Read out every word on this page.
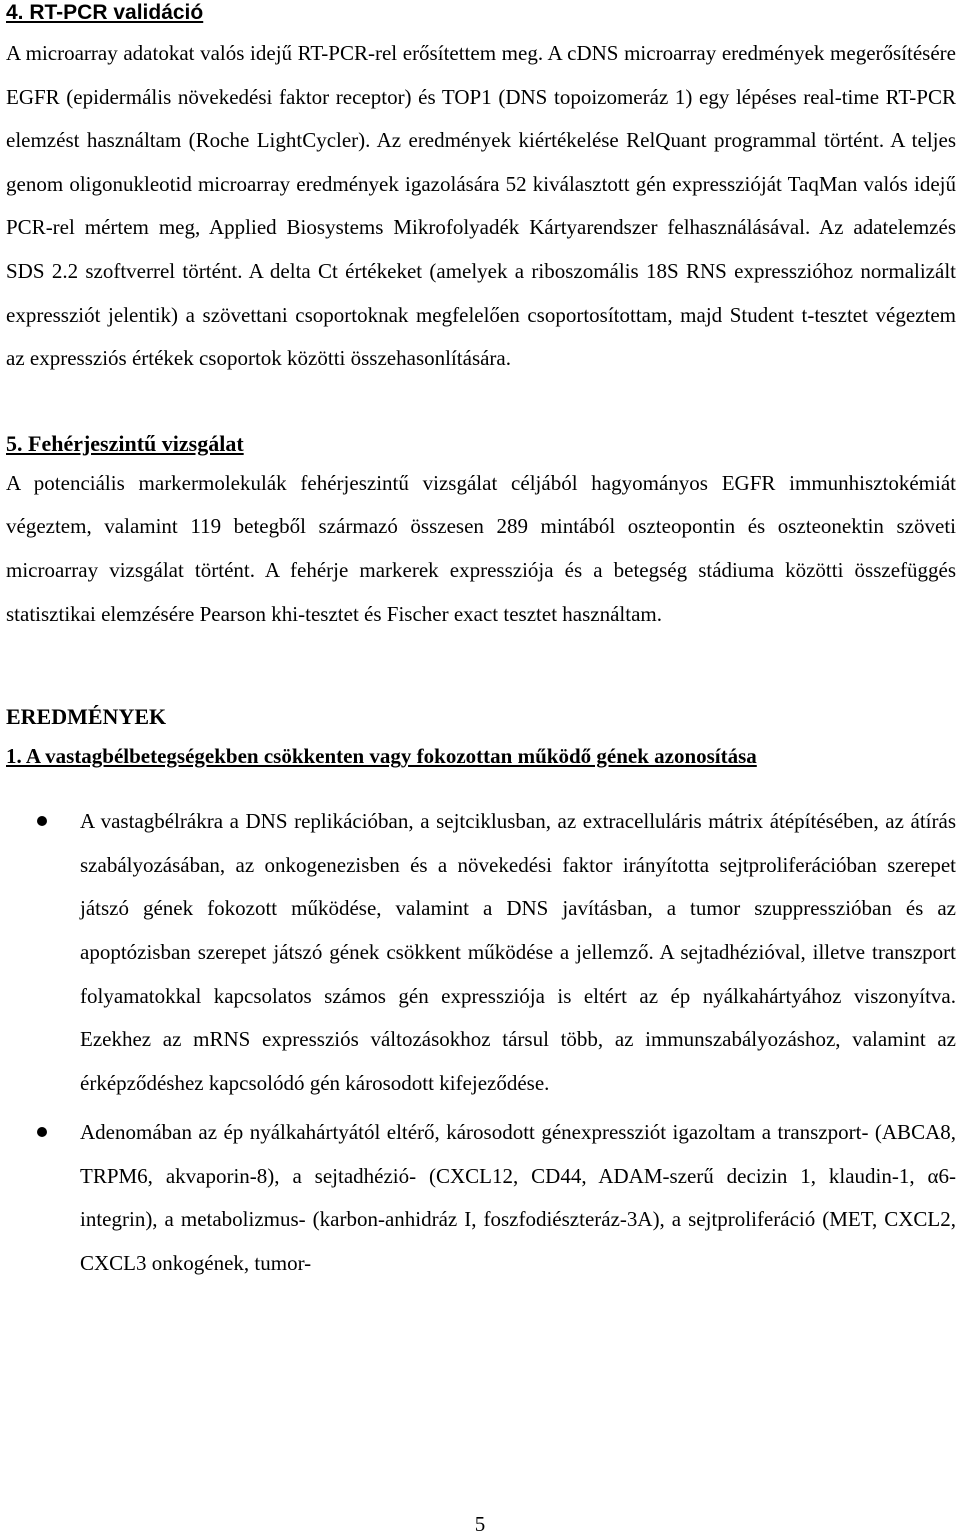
4. RT-PCR validáció

A microarray adatokat valós idejű RT-PCR-rel erősítettem meg. A cDNS microarray eredmények megerősítésére EGFR (epidermális növekedési faktor receptor) és TOP1 (DNS topoizomeráz 1) egy lépéses real-time RT-PCR elemzést használtam (Roche LightCycler). Az eredmények kiértékelése RelQuant programmal történt. A teljes genom oligonukleotid microarray eredmények igazolására 52 kiválasztott gén expresszióját TaqMan valós idejű PCR-rel mértem meg, Applied Biosystems Mikrofolyadék Kártyarendszer felhasználásával. Az adatelemzés SDS 2.2 szoftverrel történt. A delta Ct értékeket (amelyek a riboszomális 18S RNS expresszióhoz normalizált expressziót jelentik) a szövettani csoportoknak megfelelően csoportosítottam, majd Student t-tesztet végeztem az expressziós értékek csoportok közötti összehasonlítására.

5. Fehérjeszintű vizsgálat

A potenciális markermolekulák fehérjeszintű vizsgálat céljából hagyományos EGFR immunhisztokémiát végeztem, valamint 119 betegből származó összesen 289 mintából oszteopontin és oszteonektin szöveti microarray vizsgálat történt. A fehérje markerek expressziója és a betegség stádiuma közötti összefüggés statisztikai elemzésére Pearson khi-tesztet és Fischer exact tesztet használtam.

EREDMÉNYEK
1. A vastagbélbetegségekben csökkenten vagy fokozottan működő gének azonosítása
A vastagbélrákra a DNS replikációban, a sejtciklusban, az extracelluláris mátrix átépítésében, az átírás szabályozásában, az onkogenezisben és a növekedési faktor irányította sejtproliferációban szerepet játszó gének fokozott működése, valamint a DNS javításban, a tumor szuppresszióban és az apoptózisban szerepet játszó gének csökkent működése a jellemző. A sejtadhézióval, illetve transzport folyamatokkal kapcsolatos számos gén expressziója is eltért az ép nyálkahártyához viszonyítva. Ezekhez az mRNS expressziós változásokhoz társul több, az immunszabályozáshoz, valamint az érképződéshez kapcsolódó gén károsodott kifejeződése.
Adenomában az ép nyálkahártyától eltérő, károsodott génexpressziót igazoltam a transzport- (ABCA8, TRPM6, akvaporin-8), a sejtadhézió- (CXCL12, CD44, ADAM-szerű decizin 1, klaudin-1, α6-integrin), a metabolizmus- (karbon-anhidráz I, foszfodiészteráz-3A), a sejtproliferáció (MET, CXCL2, CXCL3 onkogének, tumor-
5
